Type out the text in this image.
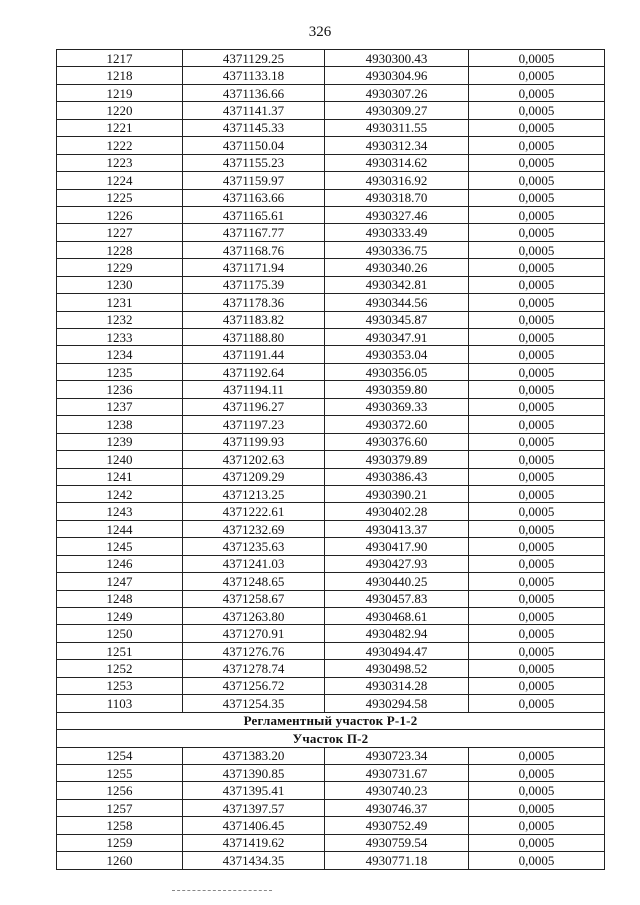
326
1217	4371129.25	4930300.43	0,0005
1218	4371133.18	4930304.96	0,0005
1219	4371136.66	4930307.26	0,0005
1220	4371141.37	4930309.27	0,0005
1221	4371145.33	4930311.55	0,0005
1222	4371150.04	4930312.34	0,0005
1223	4371155.23	4930314.62	0,0005
1224	4371159.97	4930316.92	0,0005
1225	4371163.66	4930318.70	0,0005
1226	4371165.61	4930327.46	0,0005
1227	4371167.77	4930333.49	0,0005
1228	4371168.76	4930336.75	0,0005
1229	4371171.94	4930340.26	0,0005
1230	4371175.39	4930342.81	0,0005
1231	4371178.36	4930344.56	0,0005
1232	4371183.82	4930345.87	0,0005
1233	4371188.80	4930347.91	0,0005
1234	4371191.44	4930353.04	0,0005
1235	4371192.64	4930356.05	0,0005
1236	4371194.11	4930359.80	0,0005
1237	4371196.27	4930369.33	0,0005
1238	4371197.23	4930372.60	0,0005
1239	4371199.93	4930376.60	0,0005
1240	4371202.63	4930379.89	0,0005
1241	4371209.29	4930386.43	0,0005
1242	4371213.25	4930390.21	0,0005
1243	4371222.61	4930402.28	0,0005
1244	4371232.69	4930413.37	0,0005
1245	4371235.63	4930417.90	0,0005
1246	4371241.03	4930427.93	0,0005
1247	4371248.65	4930440.25	0,0005
1248	4371258.67	4930457.83	0,0005
1249	4371263.80	4930468.61	0,0005
1250	4371270.91	4930482.94	0,0005
1251	4371276.76	4930494.47	0,0005
1252	4371278.74	4930498.52	0,0005
1253	4371256.72	4930314.28	0,0005
1103	4371254.35	4930294.58	0,0005
Регламентный участок Р-1-2			
Участок П-2			
1254	4371383.20	4930723.34	0,0005
1255	4371390.85	4930731.67	0,0005
1256	4371395.41	4930740.23	0,0005
1257	4371397.57	4930746.37	0,0005
1258	4371406.45	4930752.49	0,0005
1259	4371419.62	4930759.54	0,0005
1260	4371434.35	4930771.18	0,0005
